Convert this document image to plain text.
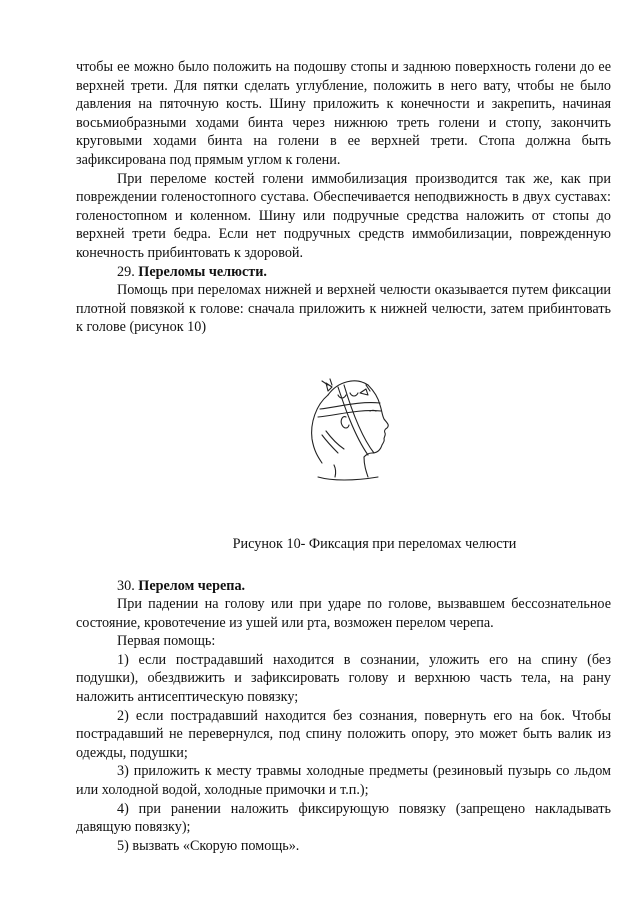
чтобы ее можно было положить на подошву стопы и заднюю поверхность голени до ее верхней трети. Для пятки сделать углубление, положить в него вату, чтобы не было давления на пяточную кость. Шину приложить к конечности и закрепить, начиная восьмиобразными ходами бинта через нижнюю треть голени и стопу, закончить круговыми ходами бинта на голени в ее верхней трети. Стопа должна быть зафиксирована под прямым углом к голени.

При переломе костей голени иммобилизация производится так же, как при повреждении голеностопного сустава. Обеспечивается неподвижность в двух суставах: голеностопном и коленном. Шину или подручные средства наложить от стопы до верхней трети бедра. Если нет подручных средств иммобилизации, поврежденную конечность прибинтовать к здоровой.

29. Переломы челюсти.

Помощь при переломах нижней и верхней челюсти оказывается путем фиксации плотной повязкой к голове: сначала приложить к нижней челюсти, затем прибинтовать к голове (рисунок 10)

Рисунок 10- Фиксация при переломах челюсти

30. Перелом черепа.

При падении на голову или при ударе по голове, вызвавшем бессознательное состояние, кровотечение из ушей или рта, возможен перелом черепа.

Первая помощь:

1) если пострадавший находится в сознании, уложить его на спину (без подушки), обездвижить и зафиксировать голову и верхнюю часть тела, на рану наложить антисептическую повязку;

2) если пострадавший находится без сознания, повернуть его на бок. Чтобы пострадавший не перевернулся, под спину положить опору, это может быть валик из одежды, подушки;

3) приложить к месту травмы холодные предметы (резиновый пузырь со льдом или холодной водой, холодные примочки и т.п.);

4) при ранении наложить фиксирующую повязку (запрещено накладывать давящую повязку);

5) вызвать «Скорую помощь».
